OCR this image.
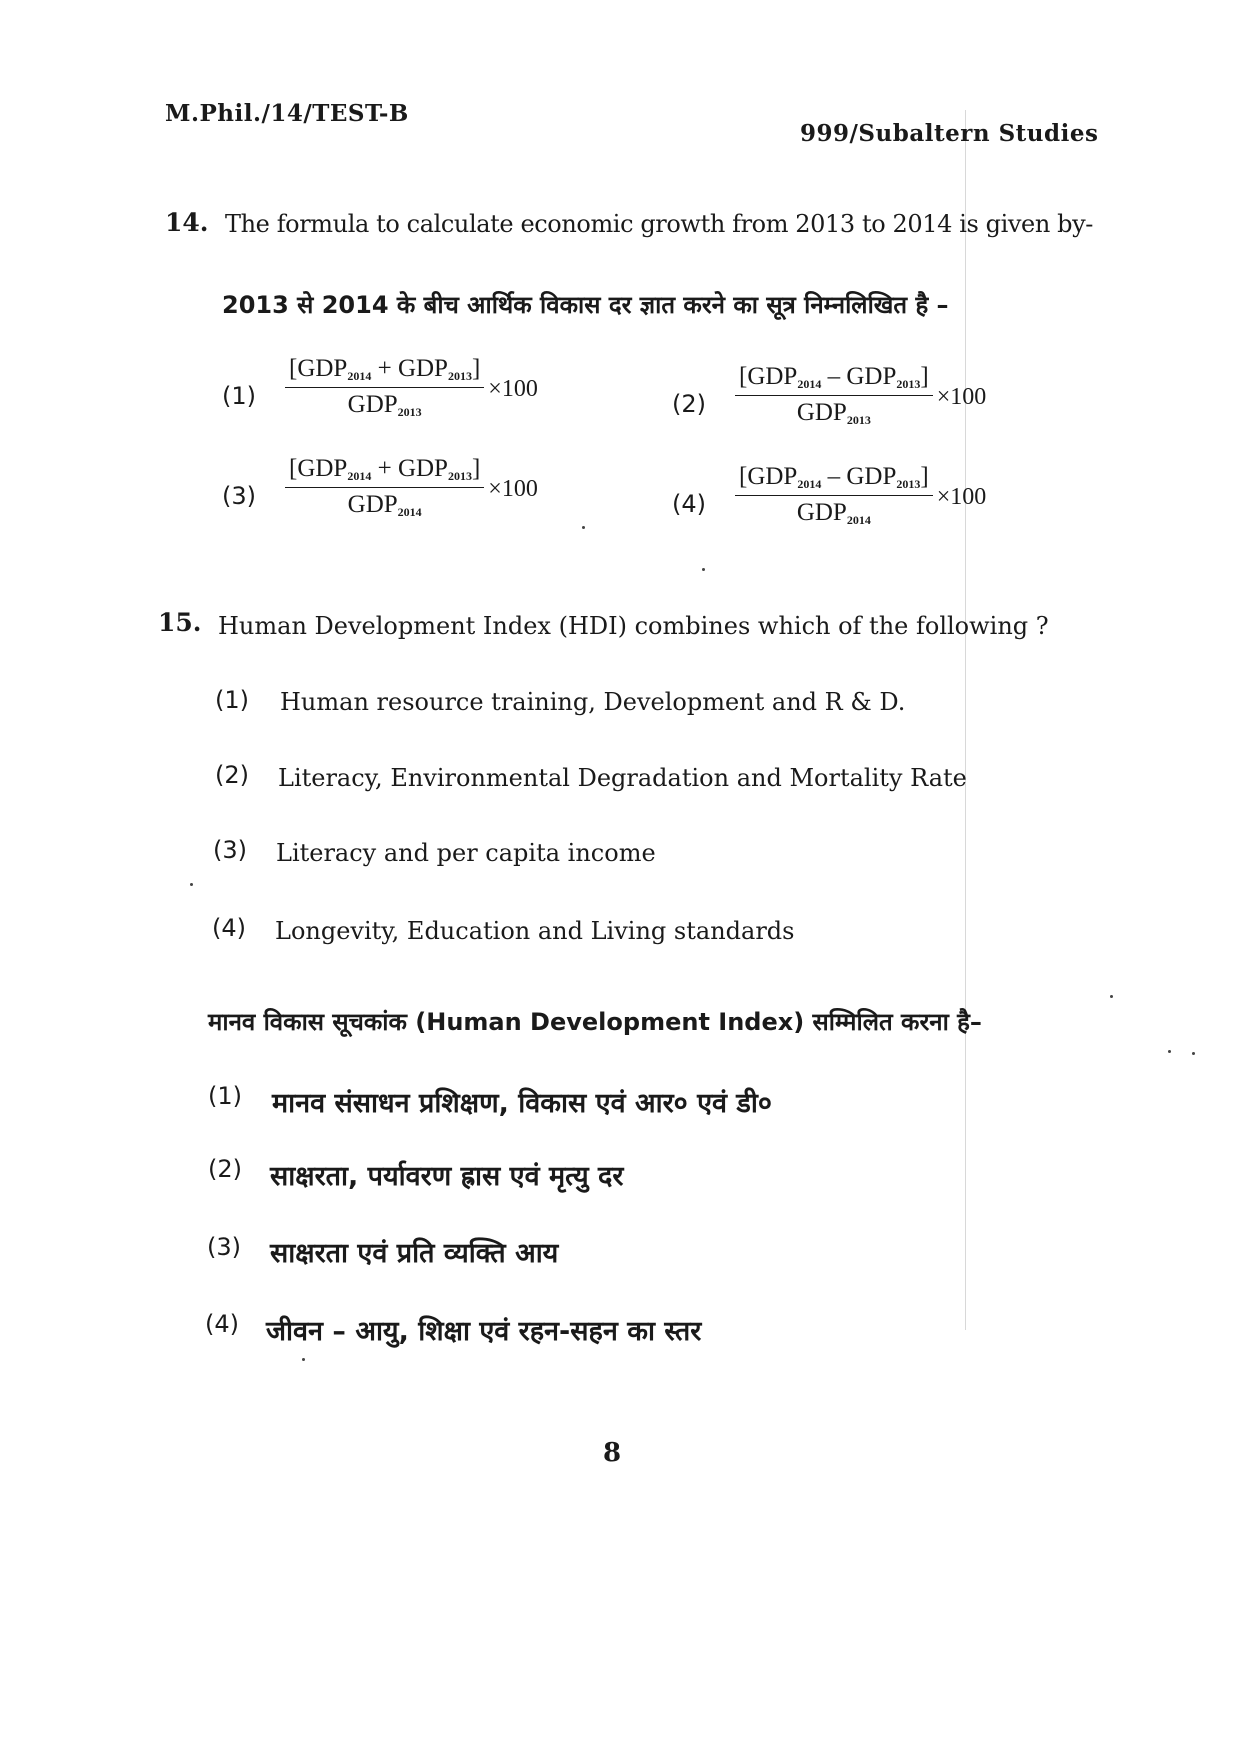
M.Phil./14/TEST-B
999/Subaltern Studies
14. The formula to calculate economic growth from 2013 to 2014 is given by-
2013 से 2014 के बीच आर्थिक विकास दर ज्ञात करने का सूत्र निम्नलिखित है –
$(1) \frac{[GDP_{2014} + GDP_{2013}]}{GDP_{2013}} \times 100$
$(2) \frac{[GDP_{2014} - GDP_{2013}]}{GDP_{2013}} \times 100$
$(3) \frac{[GDP_{2014} + GDP_{2013}]}{GDP_{2014}} \times 100$
$(4) \frac{[GDP_{2014} - GDP_{2013}]}{GDP_{2014}} \times 100$
15. Human Development Index (HDI) combines which of the following ?
(1) Human resource training, Development and R & D.
(2) Literacy, Environmental Degradation and Mortality Rate
(3) Literacy and per capita income
(4) Longevity, Education and Living standards
मानव विकास सूचकांक (Human Development Index) सम्मिलित करना है–
(1) मानव संसाधन प्रशिक्षण, विकास एवं आर० एवं डी०
(2) साक्षरता, पर्यावरण ह्रास एवं मृत्यु दर
(3) साक्षरता एवं प्रति व्यक्ति आय
(4) जीवन – आयु, शिक्षा एवं रहन-सहन का स्तर
8
